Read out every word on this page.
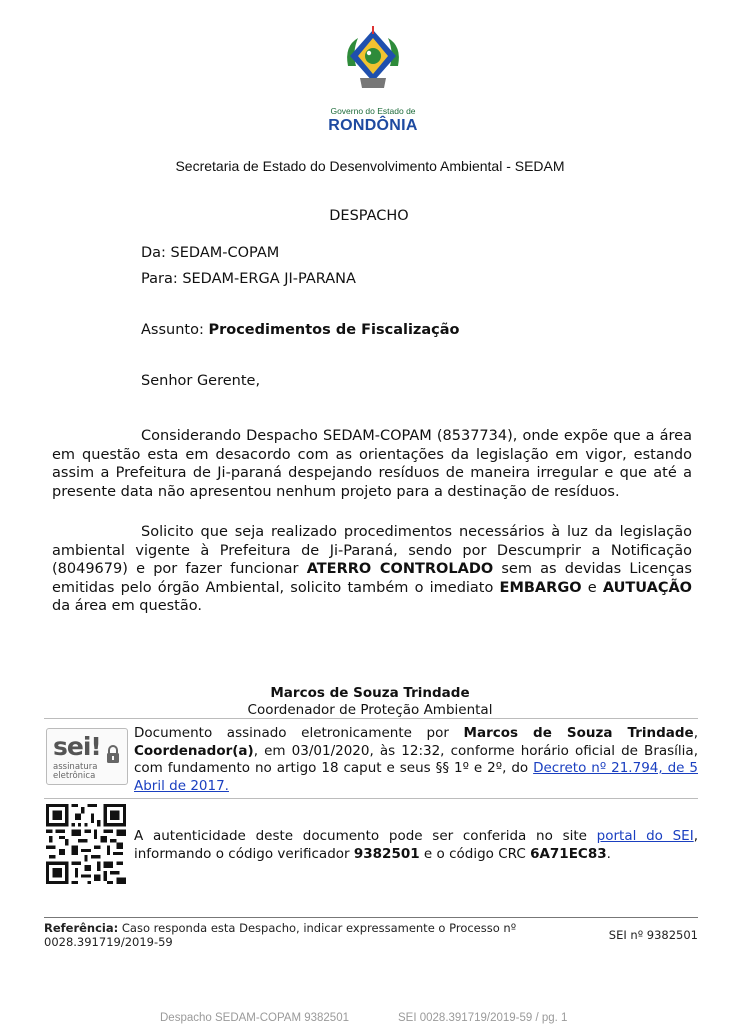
Governo do Estado de
RONDÔNIA
Secretaria de Estado do Desenvolvimento Ambiental - SEDAM
DESPACHO
Da: SEDAM-COPAM
Para: SEDAM-ERGA JI-PARANA
Assunto: Procedimentos de Fiscalização
Senhor Gerente,
Considerando Despacho SEDAM-COPAM (8537734), onde expõe que a área em questão esta em desacordo com as orientações da legislação em vigor, estando assim a Prefeitura de Ji-paraná despejando resíduos de maneira irregular e que até a presente data não apresentou nenhum projeto para a destinação de resíduos.
Solicito que seja realizado procedimentos necessários à luz da legislação ambiental vigente à Prefeitura de Ji-Paraná, sendo por Descumprir a Notificação (8049679) e por fazer funcionar ATERRO CONTROLADO sem as devidas Licenças emitidas pelo órgão Ambiental, solicito também o imediato EMBARGO e AUTUAÇÃO da área em questão.
Marcos de Souza Trindade
Coordenador de Proteção Ambiental
sei!
assinatura
eletrônica
Documento assinado eletronicamente por Marcos de Souza Trindade, Coordenador(a), em 03/01/2020, às 12:32, conforme horário oficial de Brasília, com fundamento no artigo 18 caput e seus §§ 1º e 2º, do Decreto nº 21.794, de 5 Abril de 2017.
A autenticidade deste documento pode ser conferida no site portal do SEI, informando o código verificador 9382501 e o código CRC 6A71EC83.
Referência: Caso responda esta Despacho, indicar expressamente o Processo nº 0028.391719/2019-59	SEI nº 9382501
Despacho SEDAM-COPAM 9382501	SEI 0028.391719/2019-59 / pg. 1
